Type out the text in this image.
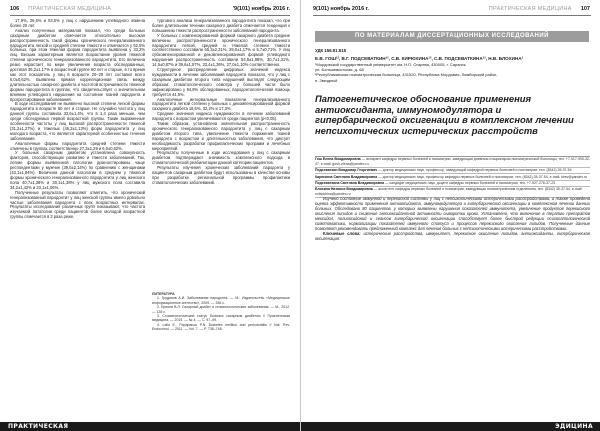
106 ПРАКТИЧЕСКАЯ МЕДИЦИНА	'9(101) ноябрь 2016 г.

17,9%, 26,6% и 53,5% у лиц с нарушением углеводного обмена более 20 лет.

Анализ полученных материалов показал, что среди больных сахарным диабетом отмечается относительно высокая распространенность такой формы хронического генерализованного пародонтита легкой и средней степени тяжести и отмечается у 52,5% больных, при этом тяжелая форма пародонтита выявлена у 33,2% лиц. Весьма характерным является возрастание уровня тяжелой степени хронического генерализованного пародонтита. Его величина резко нарастает по мере увеличения возраста обследованных, достигая 36,2±1,17% в возрастной группе 60 лет и старше, в то время как этот показатель у лиц в возрасте 20–29 лет составил всего 6,0±0,62%. Выявлена прямая корреляционная связь между длительностью сахарного диабета и частотой встречаемости тяжелой формы пародонтита в группах, что свидетельствует о значительном влиянии углеводного нарушения на состояние тканей пародонта и прогрессирование заболевания.

В ходе исследования не выявлено высокой степени легкой формы пародонтита в возрасте 60 лет и старше. Не случайно частота у лиц данной группы составила 32,6±1,4%, что в 1,4 раза меньше, чем среди обследуемых первой возрастной группы. Такие выраженные особенности частоты у лиц высокой распространенности тяжелой (31,2±1,27%) и тяжелых (46,2±1,13%) форм пародонтита у лиц молодого возраста, что является характерной особенностью течения заболевания.

Аналогичные формы пародонтита средней степени тяжести отмечены в группах соответственно 27,3±1,29 и 6,0±0,62%.

У больных сахарным диабетом установлена совокупность факторов, способствующих развитию и тяжести заболеваний. Так, легкие формы выявленной патологии диагностированы чаще респондентами у мужчин (39,0±2,14%) по сравнению с женщинами (43,1±1,84%). Величина данной патологии в среднем у тяжелой формы хронического генерализованного пародонтита у лиц женского пола 40,7±1,38% и 30,1±1,38% у лиц мужского пола составила 34,2±1,42% и 23,1±1,06%.

Полученные результаты позволяют отметить, что хронический генерализованный пародонтит у лиц женской группы имело довольно частые заболевания пародонта с всех возрастных интервалах. Результаты исследования различных групп показывают, что частота изучаемой патологии среди пациентов более молодой возрастной группы отмечается в 2 раза реже.

тургового анализа генерализованного пародонтита показал, что при более длительном течении сахарного диабета отмечается тенденция к повышению тяжести распространенности заболеваний пародонта.

У больных с компенсированной формой сахарного диабета средние величины распространенности хронического генерализованного пародонтита легкой, средней и тяжелой степени тяжести соответственно составили 65,3±2,31%, 29,0±1,17% и 5,7±0,71%. У лиц субкомпенсированной и декомпенсированной формой углеводного нарушения распространенность составили 54,8±1,98%, 30,7±1,31%, 14,5±0,87% и 39,6±1,57%, 33,4±1,36%, 27,0±1,10% соответственно.

Структурное распределение цифровых значений индекса нуждаемости в лечении заболеваний пародонта показало, что у лиц с сахарным диабетом второго типа нарушений выглядят следующим образом: стоматологического осмотра у большей части было зафиксировано у 94,8% обследованных, пародонтологическая помощь требуется 44,5%.

Аналогичные интервальные показатели генерализованного пародонтита легкой степени у больных с декомпенсированной формой сахарного диабета 18,5%, 32,2% и 17,3%.

Средние значения индекса нуждаемости в лечении заболеваний пародонта с возрастом увеличиваются среди пациентов (p<0,05).

Таким образом, установлена значительная распространенность хронического генерализованного пародонтита у лиц с сахарным диабетом второго типа, увеличение тяжести поражения тканей пародонта с возрастом и длительностью заболевания, что диктует необходимость разработки профилактических программ и лечебных мероприятий.

Результаты полученные в ходе исследования у лиц с сахарным диабетом подтверждают значимость комплексного подхода в стоматологической реабилитации данной категории пациентов.

Результаты изучения хронических заболеваний пародонта у пациентов сахарным диабетом будут использованы в качестве основы при разработке региональной программы профилактики стоматологических заболеваний.

ЛИТЕРАТУРА

1. Грудянов А.И. Заболевания пародонта. — М.: Издательство «Медицинское информационное агентство», 2009. — 336 с.

2. Еричев В.Л. Сахарный диабет и стоматологические заболевания. — М., 2012. — 128 с.

3. Стоматологический статус больных сахарным диабетом // Практическая медицина. — 2015. — № 4. — С. 97–99.

4. Lalla E., Papapanou P.N. Diabetes mellitus and periodontitis // Nat. Rev. Endocrinol. — 2011. — Vol. 7. — P. 738–748.

ПРАКТИЧЕСКАЯ
9(101) ноябрь 2016 г.	ПРАКТИЧЕСКАЯ МЕДИЦИНА 107
ПО МАТЕРИАЛАМ ДИССЕРТАЦИОННЫХ ИССЛЕДОВАНИЙ
УДК 159.91:615
Е.В. ГОШ¹², В.Г. ПОДСЕВАТКИН¹², С.В. КИРЮХИНА¹², С.В. ПОДСЕВАТКИНА¹², Н.В. БЛОХИНА²
¹Мордовский государственный университет им. Н.П. Огарева, 430005, г. Саранск,
ул. Большевистская, д. 68
²Республиканская психиатрическая больница, 431520, Республика Мордовия, Лямбирский район,
п. Звездный
Патогенетическое обоснование применения антиоксиданта, иммуномодулятора и гипербарической оксигенации в комплексном лечении непсихотических истерических расстройств
Гош Елена Владимировна — аспирант кафедры нервных болезней и психиатрии, заведующая дневным стационаром психиатрической больницы, тел. +7-917-990-32-47, e-mail: gosh-elena@yandex.ru
Подсеваткин Владимир Георгиевич — доктор медицинских наук, профессор, заведующий кафедрой нервных болезней и психиатрии, тел. (8342) 35-37-54
Кирюхина Светлана Владимировна — доктор медицинских наук, профессор кафедры нервных болезней и психиатрии, тел. (8342) 35-37-54, e-mail: kirsv@yandex.ru
Подсеваткина Светлана Владимировна — кандидат медицинских наук, доцент кафедры нервных болезней и психиатрии, тел. +7-927-276-37-23
Блохина Наталья Владимировна — ассистент кафедры нервных болезней и психиатрии, заведующая психиатрическим отделением, тел. (8342) 35-37-54, e-mail: nvblokhina@yandex.ru

Изучено состояние иммунной и перекисной системы у лиц с непсихотическими истерическими расстройствами, а также проведена оценка эффективности применения антиоксиданта, иммуномодулятора и гипербарической оксигенации в комплексном лечении данных больных. Обследовано 80 пациентов, у которых выявлены нарушения показателей иммунитета, увеличение продуктов перекисного окисления липидов и снижение антиоксидантной активности сыворотки крови. Установлено, что включение в терапию препаратов мексидол, полиоксидоний и сеансов гипербарической оксигенации способствует более быстрой редукции психопатологической симптоматики, нормализации показателей иммунного статуса и процессов перекисного окисления липидов. Полученные данные позволяют рекомендовать предложенный комплекс для лечения больных с непсихотическими истерическими расстройствами.

Ключевые слова: истерические расстройства, иммунитет, перекисное окисление липидов, антиоксиданты, гипербарическая оксигенация.

ЭДИЦИНА
